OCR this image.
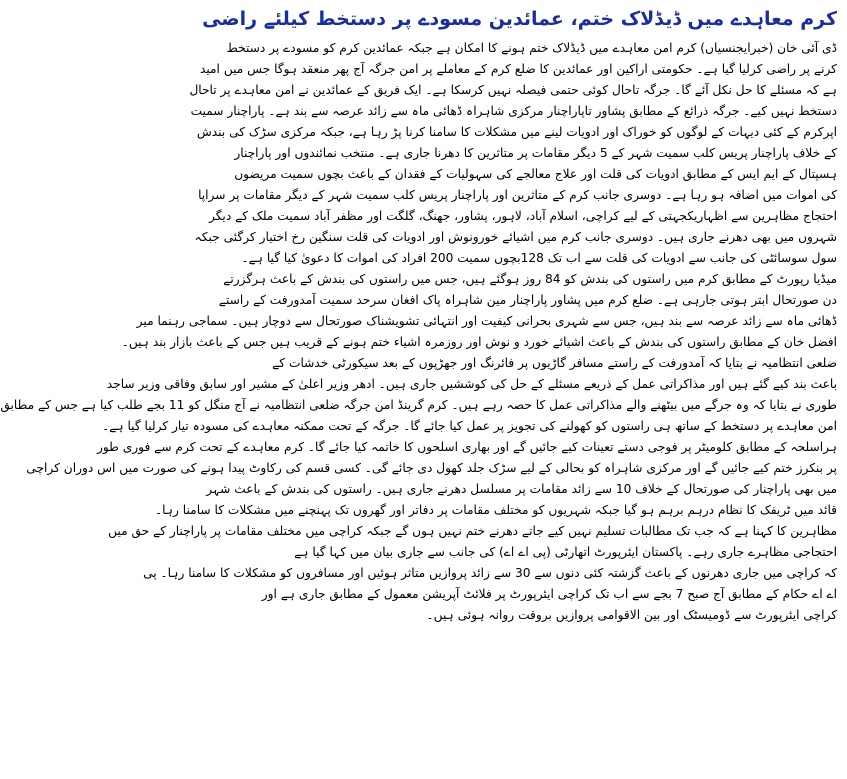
کرم معاہدے میں ڈیڈلاک ختم، عمائدین مسودے پر دستخط کیلئے راضی
ڈی آئی خان (خبرایجنسیاں) کرم امن معاہدے میں ڈیڈلاک ختم ہونے کا امکان ہے جبکہ عمائدین کرم کو مسودے پر دستخط
کرنے پر راضی کرلیا گیا ہے۔ حکومتی اراکین اور عمائدین کا ضلع کرم کے معاملے پر امن جرگہ آج پھر منعقد ہوگا جس میں امید
ہے کہ مسئلے کا حل نکل آئے گا۔ جرگہ تاحال کوئی حتمی فیصلہ نہیں کرسکا ہے۔ ایک فریق کے عمائدین نے امن معاہدے پر تاحال
دستخط نہیں کیے۔ جرگہ ذرائع کے مطابق پشاور تاپاراچنار مرکزی شاہراہ ڈھائی ماہ سے زائد عرصہ سے بند ہے۔ پاراچنار سمیت
اپرکرم کے کئی دیہات کے لوگوں کو خوراک اور ادویات لینے میں مشکلات کا سامنا کرنا پڑ رہا ہے، جبکہ مرکزی سڑک کی بندش
کے خلاف پاراچنار پریس کلب سمیت شہر کے 5 دیگر مقامات پر متاثرین کا دھرنا جاری ہے۔ منتخب نمائندوں اور پاراچنار
ہسپتال کے ایم ایس کے مطابق ادویات کی قلت اور علاج معالجے کی سہولیات کے فقدان کے باعث بچوں سمیت مریضوں
کی اموات میں اضافہ ہو رہا ہے۔ دوسری جانب کرم کے متاثرین اور پاراچنار پریس کلب سمیت شہر کے دیگر مقامات پر سراپا
احتجاج مظاہرین سے اظہاریکجہتی کے لیے کراچی، اسلام آباد، لاہور، پشاور، جھنگ، گلگت اور مظفر آباد سمیت ملک کے دیگر
شہروں میں بھی دھرنے جاری ہیں۔ دوسری جانب کرم میں اشیائے خورونوش اور ادویات کی قلت سنگین رخ اختیار کرگئی جبکہ
سول سوسائٹی کی جانب سے ادویات کی قلت سے اب تک 128بچوں سمیت 200 افراد کی اموات کا دعویٰ کیا گیا ہے۔
میڈیا رپورٹ کے مطابق کرم میں راستوں کی بندش کو 84 روز ہوگئے ہیں، جس میں راستوں کی بندش کے باعث ہرگزرتے
دن صورتحال ابتر ہوتی جارہی ہے۔ ضلع کرم میں پشاور پاراچنار مین شاہراہ پاک افغان سرحد سمیت آمدورفت کے راستے
ڈھائی ماہ سے زائد عرصہ سے بند ہیں، جس سے شہری بحرانی کیفیت اور انتہائی تشویشناک صورتحال سے دوچار ہیں۔ سماجی رہنما میر
افضل خان کے مطابق راستوں کی بندش کے باعث اشیائے خورد و نوش اور روزمرہ اشیاء ختم ہونے کے قریب ہیں جس کے باعث بازار بند ہیں۔
ضلعی انتظامیہ نے بتایا کہ آمدورفت کے راستے مسافر گاڑیوں پر فائرنگ اور جھڑپوں کے بعد سیکورٹی خدشات کے
باعث بند کیے گئے ہیں اور مذاکراتی عمل کے ذریعے مسئلے کے حل کی کوششیں جاری ہیں۔ ادھر وزیر اعلیٰ کے مشیر اور سابق وفاقی وزیر ساجد
طوری نے بتایا کہ وہ جرگے میں بیٹھنے والے مذاکراتی عمل کا حصہ رہے ہیں۔ کرم گرینڈ امن جرگہ ضلعی انتظامیہ نے آج منگل کو 11 بجے طلب کیا ہے جس کے مطابق
امن معاہدے پر دستخط کے ساتھ ہی راستوں کو کھولنے کی تجویز پر عمل کیا جائے گا۔ جرگہ کے تحت ممکنہ معاہدے کی مسودہ تیار کرلیا گیا ہے۔
ہراسلحہ کے مطابق کلومیٹر پر فوجی دستے تعینات کیے جائیں گے اور بھاری اسلحوں کا خاتمہ کیا جائے گا۔ کرم معاہدے کے تحت کرم سے فوری طور
پر بنکرز ختم کیے جائیں گے اور مرکزی شاہراہ کو بحالی کے لیے سڑک جلد کھول دی جائے گی۔ کسی قسم کی رکاوٹ پیدا ہونے کی صورت میں اس دوران کراچی
میں بھی پاراچنار کی صورتحال کے خلاف 10 سے زائد مقامات پر مسلسل دھرنے جاری ہیں۔ راستوں کی بندش کے باعث شہر
قائد میں ٹریفک کا نظام درہم برہم ہو گیا جبکہ شہریوں کو مختلف مقامات پر دفاتر اور گھروں تک پہنچنے میں مشکلات کا سامنا رہا۔
مظاہرین کا کہنا ہے کہ جب تک مطالبات تسلیم نہیں کیے جاتے دھرنے ختم نہیں ہوں گے جبکہ کراچی میں مختلف مقامات پر پاراچنار کے حق میں
احتجاجی مظاہرے جاری رہے۔ پاکستان ایئرپورٹ اتھارٹی (پی اے اے) کی جانب سے جاری بیان میں کہا گیا ہے
کہ کراچی میں جاری دھرنوں کے باعث گزشتہ کئی دنوں سے 30 سے زائد پروازیں متاثر ہوئیں اور مسافروں کو مشکلات کا سامنا رہا۔ پی
اے اے حکام کے مطابق آج صبح 7 بجے سے اب تک کراچی ایئرپورٹ پر فلائٹ آپریشن معمول کے مطابق جاری ہے اور
کراچی ایئرپورٹ سے ڈومیسٹک اور بین الاقوامی پروازیں بروقت روانہ ہوئی ہیں۔
